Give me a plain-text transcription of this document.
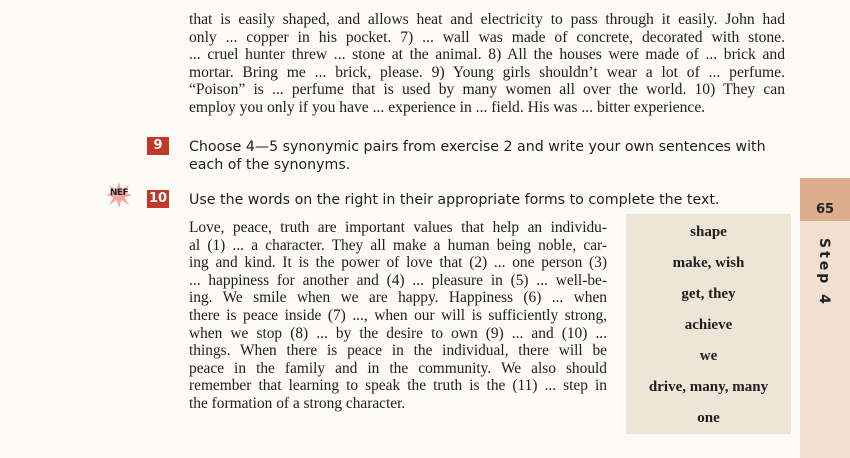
that is easily shaped, and allows heat and electricity to pass through it easily. John had
only ... copper in his pocket. 7) ... wall was made of concrete, decorated with stone.
... cruel hunter threw ... stone at the animal. 8) All the houses were made of ... brick and
mortar. Bring me ... brick, please. 9) Young girls shouldn’t wear a lot of ... perfume.
“Poison” is ... perfume that is used by many women all over the world. 10) They can
employ you only if you have ... experience in ... field. His was ... bitter experience.
9	Choose 4—5 synonymic pairs from exercise 2 and write your own sentences with
each of the synonyms.
NEF 10 Use the words on the right in their appropriate forms to complete the text.
shape
make, wish
get, they
achieve
we
drive, many, many
one
Love, peace, truth are important values that help an individu-
al (1) ... a character. They all make a human being noble, car-
ing and kind. It is the power of love that (2) ... one person (3)
... happiness for another and (4) ... pleasure in (5) ... well-be-
ing. We smile when we are happy. Happiness (6) ... when
there is peace inside (7) ..., when our will is sufficiently strong,
when we stop (8) ... by the desire to own (9) ... and (10) ...
things. When there is peace in the individual, there will be
peace in the family and in the community. We also should
remember that learning to speak the truth is the (11) ... step in
the formation of a strong character.
65
Step 4
